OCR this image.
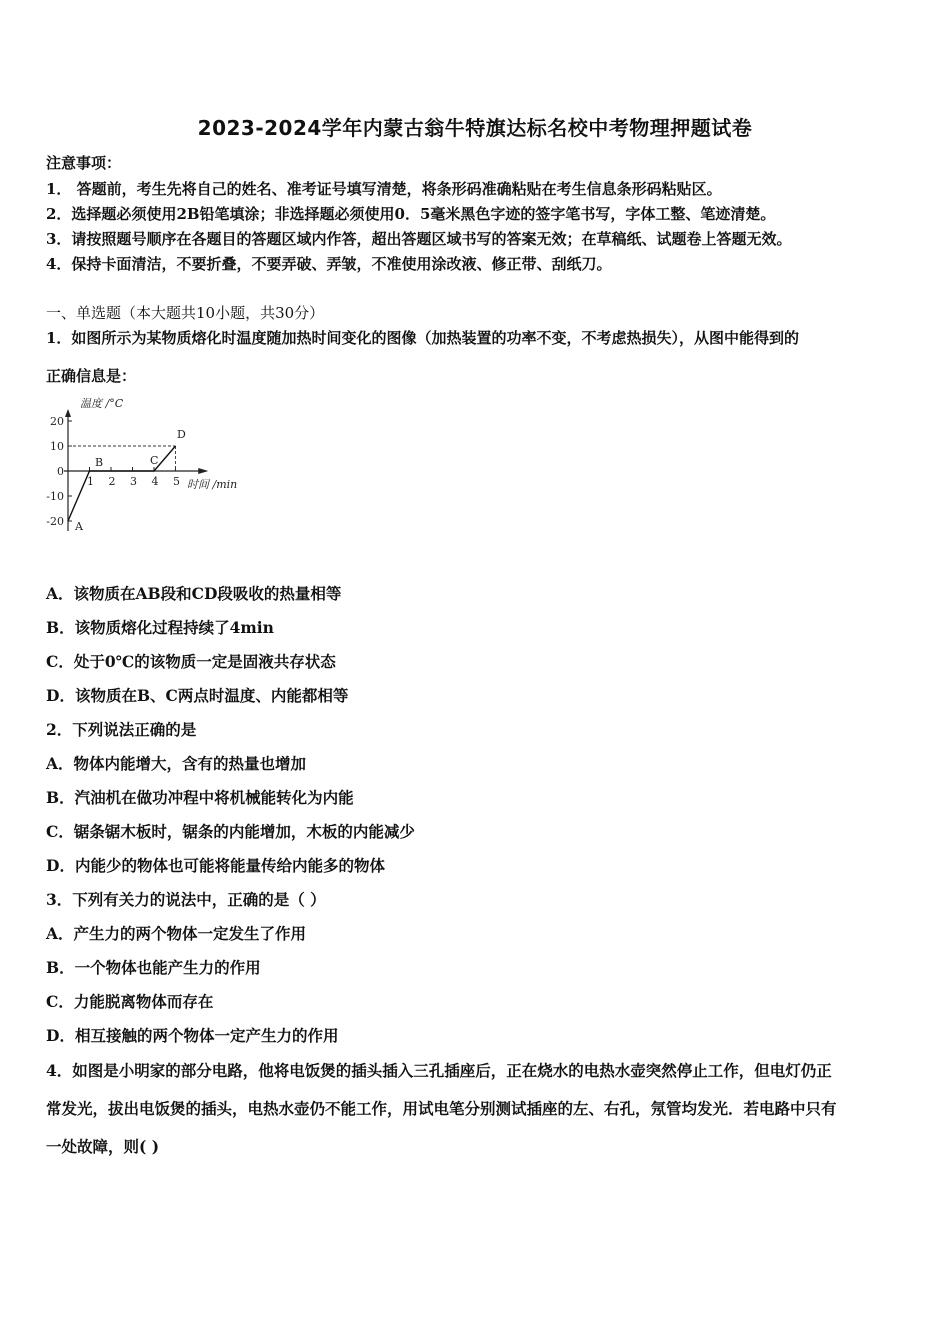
2023-2024学年内蒙古翁牛特旗达标名校中考物理押题试卷
注意事项：
1． 答题前，考生先将自己的姓名、准考证号填写清楚，将条形码准确粘贴在考生信息条形码粘贴区。
2．选择题必须使用2B铅笔填涂；非选择题必须使用0．5毫米黑色字迹的签字笔书写，字体工整、笔迹清楚。
3．请按照题号顺序在各题目的答题区域内作答，超出答题区域书写的答案无效；在草稿纸、试题卷上答题无效。
4．保持卡面清洁，不要折叠，不要弄破、弄皱，不准使用涂改液、修正带、刮纸刀。
一、单选题（本大题共10小题，共30分）
1．如图所示为某物质熔化时温度随加热时间变化的图像（加热装置的功率不变，不考虑热损失），从图中能得到的
正确信息是：
温度 /°C
时间 /min
B	C
D
A
20
10
0
-10
-20
1 2 3 4 5
A．该物质在AB段和CD段吸收的热量相等
B．该物质熔化过程持续了4min
C．处于0℃的该物质一定是固液共存状态
D．该物质在B、C两点时温度、内能都相等
2．下列说法正确的是
A．物体内能增大，含有的热量也增加
B．汽油机在做功冲程中将机械能转化为内能
C．锯条锯木板时，锯条的内能增加，木板的内能减少
D．内能少的物体也可能将能量传给内能多的物体
3．下列有关力的说法中，正确的是（ ）
A．产生力的两个物体一定发生了作用
B．一个物体也能产生力的作用
C．力能脱离物体而存在
D．相互接触的两个物体一定产生力的作用
4．如图是小明家的部分电路，他将电饭煲的插头插入三孔插座后，正在烧水的电热水壶突然停止工作，但电灯仍正
常发光，拔出电饭煲的插头，电热水壶仍不能工作，用试电笔分别测试插座的左、右孔，氖管均发光．若电路中只有
一处故障，则( )
